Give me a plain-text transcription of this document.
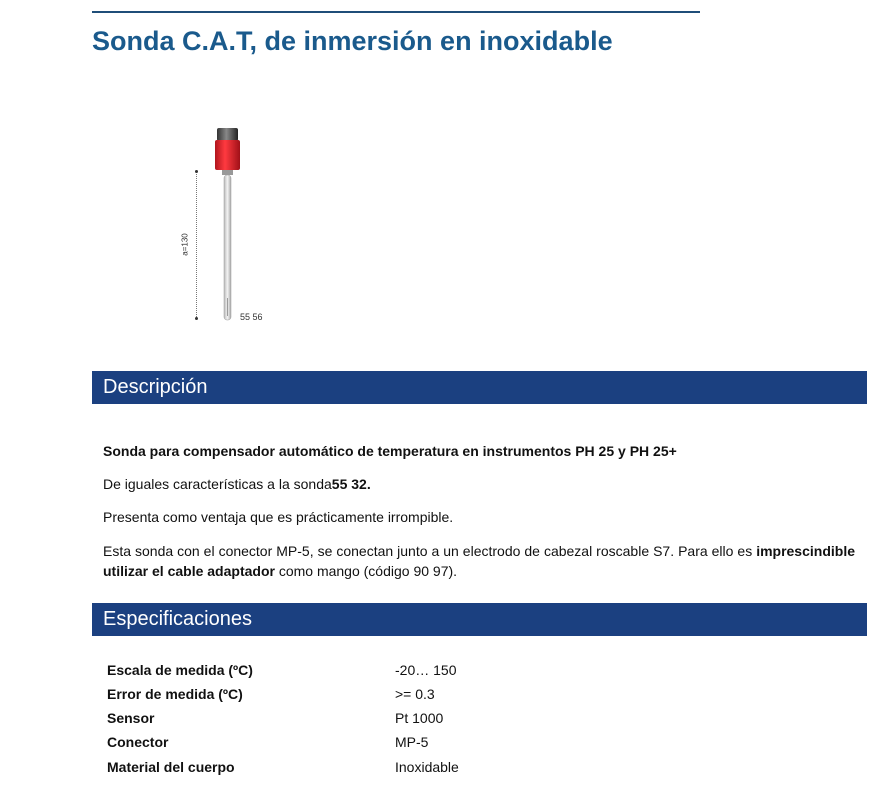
Sonda C.A.T, de inmersión en inoxidable
a=130
55 56
Descripción

Sonda para compensador automático de temperatura en instrumentos PH 25 y PH 25+

De iguales características a la sonda55 32.

Presenta como ventaja que es prácticamente irrompible.

Esta sonda con el conector MP-5, se conectan junto a un electrodo de cabezal roscable S7. Para ello es imprescindible utilizar el cable adaptador como mango (código 90 97).

Especificaciones
Escala de medida (ºC)	-20… 150
Error de medida (ºC)	>= 0.3
Sensor	Pt 1000
Conector	MP-5
Material del cuerpo	Inoxidable
